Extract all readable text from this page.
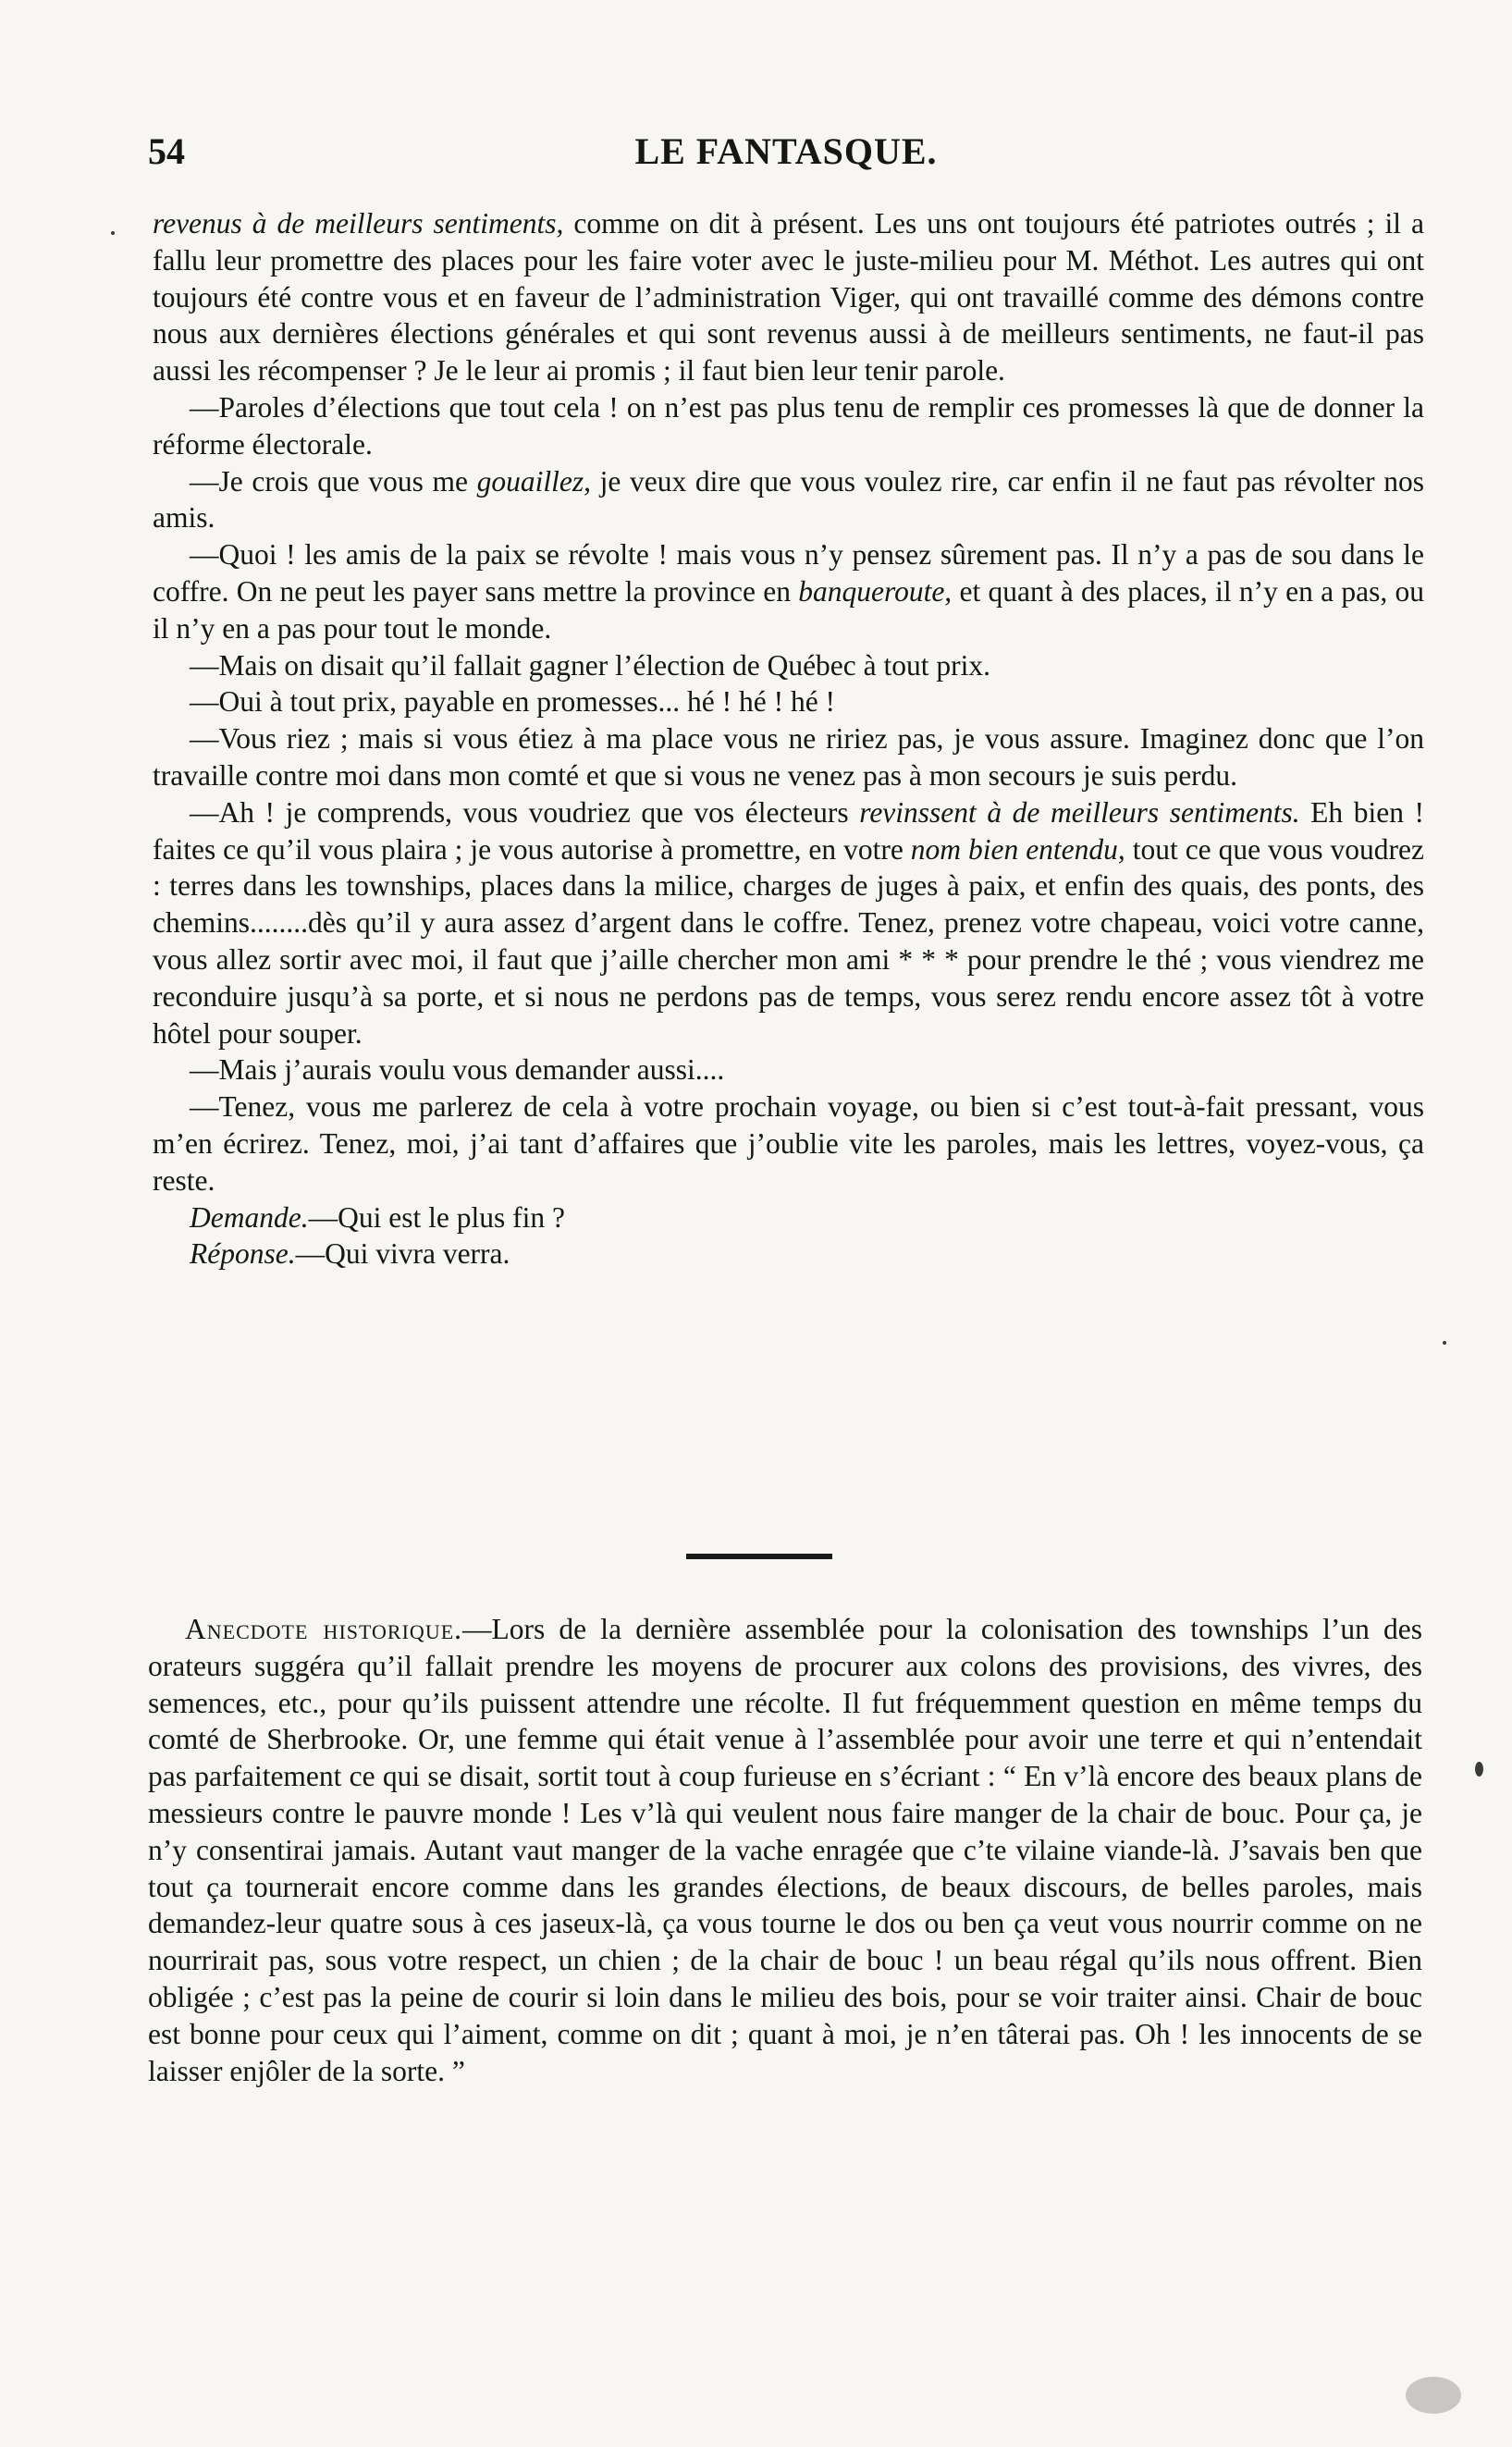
54	LE FANTASQUE.

revenus à de meilleurs sentiments, comme on dit à présent. Les uns ont toujours été patriotes outrés ; il a fallu leur promettre des places pour les faire voter avec le juste-milieu pour M. Méthot. Les autres qui ont toujours été contre vous et en faveur de l’administration Viger, qui ont travaillé comme des démons contre nous aux dernières élections générales et qui sont revenus aussi à de meilleurs sentiments, ne faut-il pas aussi les récompenser ? Je le leur ai promis ; il faut bien leur tenir parole.

—Paroles d’élections que tout cela ! on n’est pas plus tenu de remplir ces promesses là que de donner la réforme électorale.

—Je crois que vous me gouaillez, je veux dire que vous voulez rire, car enfin il ne faut pas révolter nos amis.

—Quoi ! les amis de la paix se révolte ! mais vous n’y pensez sûrement pas. Il n’y a pas de sou dans le coffre. On ne peut les payer sans mettre la province en banqueroute, et quant à des places, il n’y en a pas, ou il n’y en a pas pour tout le monde.

—Mais on disait qu’il fallait gagner l’élection de Québec à tout prix.

—Oui à tout prix, payable en promesses... hé ! hé ! hé !

—Vous riez ; mais si vous étiez à ma place vous ne ririez pas, je vous assure. Imaginez donc que l’on travaille contre moi dans mon comté et que si vous ne venez pas à mon secours je suis perdu.

—Ah ! je comprends, vous voudriez que vos électeurs revinssent à de meilleurs sentiments. Eh bien ! faites ce qu’il vous plaira ; je vous autorise à promettre, en votre nom bien entendu, tout ce que vous voudrez : terres dans les townships, places dans la milice, charges de juges à paix, et enfin des quais, des ponts, des chemins........dès qu’il y aura assez d’argent dans le coffre. Tenez, prenez votre chapeau, voici votre canne, vous allez sortir avec moi, il faut que j’aille chercher mon ami * * * pour prendre le thé ; vous viendrez me reconduire jusqu’à sa porte, et si nous ne perdons pas de temps, vous serez rendu encore assez tôt à votre hôtel pour souper.

—Mais j’aurais voulu vous demander aussi....

—Tenez, vous me parlerez de cela à votre prochain voyage, ou bien si c’est tout-à-fait pressant, vous m’en écrirez. Tenez, moi, j’ai tant d’affaires que j’oublie vite les paroles, mais les lettres, voyez-vous, ça reste.

Demande.—Qui est le plus fin ?

Réponse.—Qui vivra verra.

Anecdote historique.—Lors de la dernière assemblée pour la colonisation des townships l’un des orateurs suggéra qu’il fallait prendre les moyens de procurer aux colons des provisions, des vivres, des semences, etc., pour qu’ils puissent attendre une récolte. Il fut fréquemment question en même temps du comté de Sherbrooke. Or, une femme qui était venue à l’assemblée pour avoir une terre et qui n’entendait pas parfaitement ce qui se disait, sortit tout à coup furieuse en s’écriant : “ En v’là encore des beaux plans de messieurs contre le pauvre monde ! Les v’là qui veulent nous faire manger de la chair de bouc. Pour ça, je n’y consentirai jamais. Autant vaut manger de la vache enragée que c’te vilaine viande-là. J’savais ben que tout ça tournerait encore comme dans les grandes élections, de beaux discours, de belles paroles, mais demandez-leur quatre sous à ces jaseux-là, ça vous tourne le dos ou ben ça veut vous nourrir comme on ne nourrirait pas, sous votre respect, un chien ; de la chair de bouc ! un beau régal qu’ils nous offrent. Bien obligée ; c’est pas la peine de courir si loin dans le milieu des bois, pour se voir traiter ainsi. Chair de bouc est bonne pour ceux qui l’aiment, comme on dit ; quant à moi, je n’en tâterai pas. Oh ! les innocents de se laisser enjôler de la sorte. ”
